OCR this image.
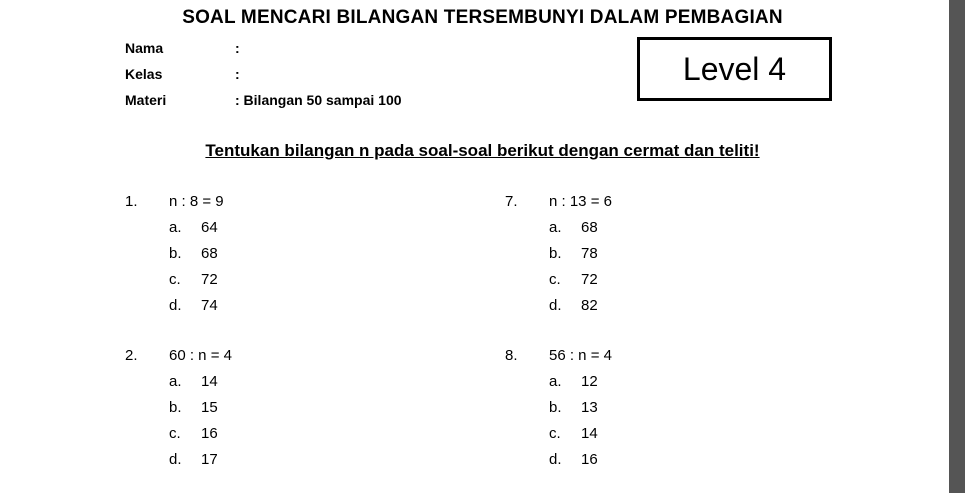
SOAL MENCARI BILANGAN TERSEMBUNYI DALAM PEMBAGIAN
Nama	:
Kelas	:
Materi	: Bilangan 50 sampai 100
Level 4
Tentukan bilangan n pada soal-soal berikut dengan cermat dan teliti!
1. n : 8 = 9
a. 64
b. 68
c. 72
d. 74
7. n : 13 = 6
a. 68
b. 78
c. 72
d. 82
2. 60 : n = 4
a. 14
b. 15
c. 16
d. 17
8. 56 : n = 4
a. 12
b. 13
c. 14
d. 16
